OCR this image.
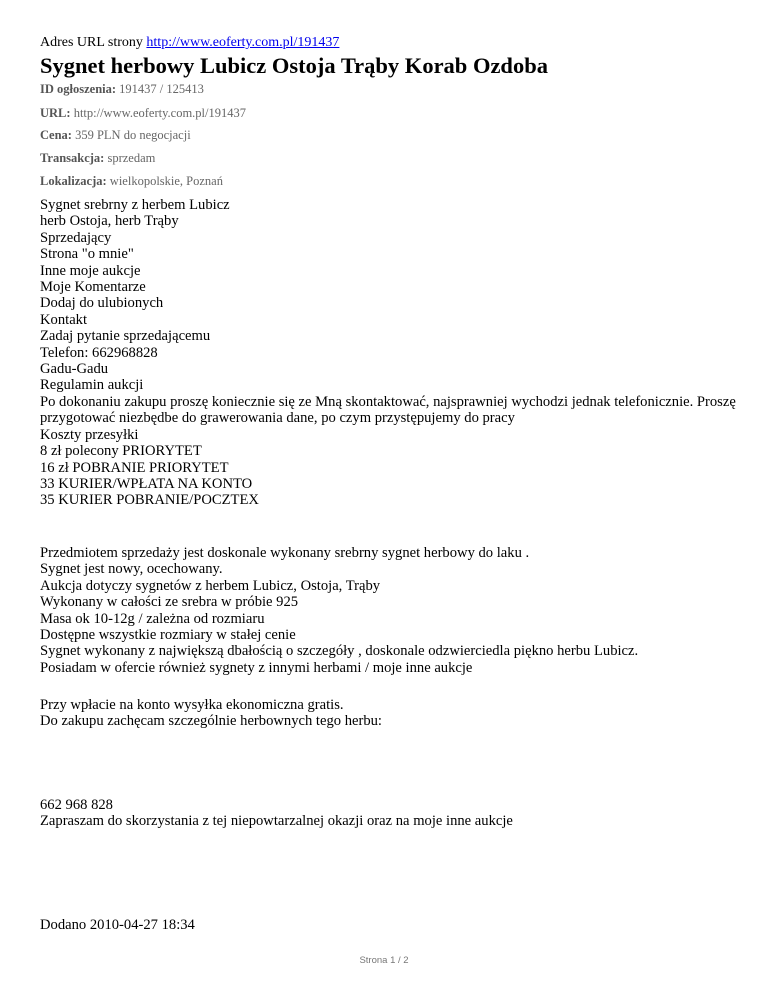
Adres URL strony http://www.eoferty.com.pl/191437
Sygnet herbowy Lubicz Ostoja Trąby Korab Ozdoba
ID ogłoszenia: 191437 / 125413
URL: http://www.eoferty.com.pl/191437
Cena: 359 PLN do negocjacji
Transakcja: sprzedam
Lokalizacja: wielkopolskie, Poznań
Sygnet srebrny z herbem Lubicz
herb Ostoja, herb Trąby
Sprzedający
Strona "o mnie"
Inne moje aukcje
Moje Komentarze
Dodaj do ulubionych
Kontakt
Zadaj pytanie sprzedającemu
Telefon: 662968828
Gadu-Gadu
Regulamin aukcji
Po dokonaniu zakupu proszę koniecznie się ze Mną skontaktować, najsprawniej wychodzi jednak telefonicznie. Proszę przygotować niezbędbe do grawerowania dane, po czym przystępujemy do pracy
Koszty przesyłki
8 zł polecony PRIORYTET
16 zł POBRANIE PRIORYTET
33 KURIER/WPŁATA NA KONTO
35 KURIER POBRANIE/POCZTEX
Przedmiotem sprzedaży jest doskonale wykonany srebrny sygnet herbowy do laku .
Sygnet jest nowy, ocechowany.
Aukcja dotyczy sygnetów z herbem Lubicz, Ostoja, Trąby
Wykonany w całości ze srebra w próbie 925
Masa ok 10-12g / zależna od rozmiaru
Dostępne wszystkie rozmiary w stałej cenie
Sygnet wykonany z największą dbałością o szczegóły , doskonale odzwierciedla piękno herbu Lubicz.
Posiadam w ofercie również sygnety z innymi herbami / moje inne aukcje
Przy wpłacie na konto wysyłka ekonomiczna gratis.
Do zakupu zachęcam szczególnie herbownych tego herbu:
662 968 828
Zapraszam do skorzystania z tej niepowtarzalnej okazji oraz na moje inne aukcje
Dodano 2010-04-27 18:34
Strona 1 / 2
